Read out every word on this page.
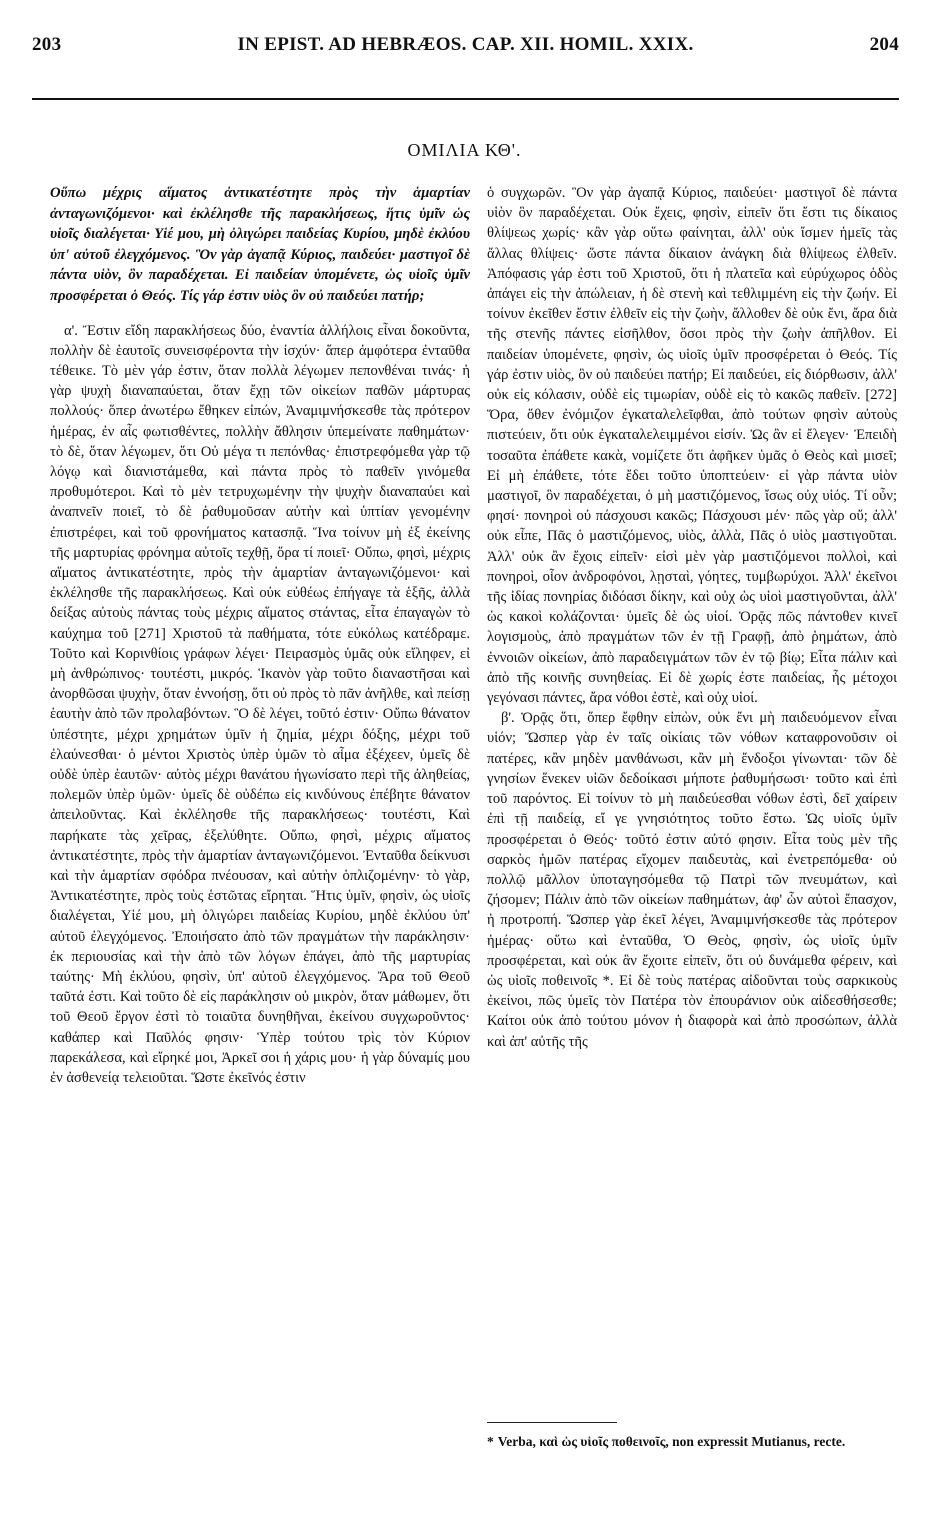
203	IN EPIST. AD HEBRÆOS. CAP. XII. HOMIL. XXIX.	204
ΟΜΙΛΙΑ ΚΘ'.

Οὔπω μέχρις αἵματος ἀντικατέστητε πρὸς τὴν ἁμαρτίαν ἀνταγωνιζόμενοι· καὶ ἐκλέλησθε τῆς παρακλήσεως, ἥτις ὑμῖν ὡς υἱοῖς διαλέγεται· Υἱέ μου, μὴ ὀλιγώρει παιδείας Κυρίου, μηδὲ ἐκλύου ὑπ' αὐτοῦ ἐλεγχόμενος. Ὃν γὰρ ἀγαπᾷ Κύριος, παιδεύει· μαστιγοῖ δὲ πάντα υἱὸν, ὃν παραδέχεται. Εἰ παιδείαν ὑπομένετε, ὡς υἱοῖς ὑμῖν προσφέρεται ὁ Θεός. Τίς γάρ ἐστιν υἱὸς ὃν οὐ παιδεύει πατήρ;

α'. Ἔστιν εἴδη παρακλήσεως δύο, ἐναντία ἀλλήλοις εἶναι δοκοῦντα, πολλὴν δὲ ἑαυτοῖς συνεισφέροντα τὴν ἰσχύν· ἅπερ ἀμφότερα ἐνταῦθα τέθεικε. Τὸ μὲν γάρ ἐστιν, ὅταν πολλὰ λέγωμεν πεπονθέναι τινάς· ἡ γὰρ ψυχὴ διαναπαύεται, ὅταν ἔχῃ τῶν οἰκείων παθῶν μάρτυρας πολλούς· ὅπερ ἀνωτέρω ἔθηκεν εἰπών, Ἀναμιμνήσκεσθε τὰς πρότερον ἡμέρας, ἐν αἷς φωτισθέντες, πολλὴν ἄθλησιν ὑπεμείνατε παθημάτων· τὸ δὲ, ὅταν λέγωμεν, ὅτι Οὐ μέγα τι πεπόνθας· ἐπιστρεφόμεθα γὰρ τῷ λόγῳ καὶ διανιστάμεθα, καὶ πάντα πρὸς τὸ παθεῖν γινόμεθα προθυμότεροι. Καὶ τὸ μὲν τετρυχωμένην τὴν ψυχὴν διαναπαύει καὶ ἀναπνεῖν ποιεῖ, τὸ δὲ ῥαθυμοῦσαν αὐτὴν καὶ ὑπτίαν γενομένην ἐπιστρέφει, καὶ τοῦ φρονήματος κατασπᾷ. Ἵνα τοίνυν μὴ ἐξ ἐκείνης τῆς μαρτυρίας φρόνημα αὐτοῖς τεχθῇ, ὅρα τί ποιεῖ· Οὔπω, φησὶ, μέχρις αἵματος ἀντικατέστητε, πρὸς τὴν ἁμαρτίαν ἀνταγωνιζόμενοι· καὶ ἐκλέλησθε τῆς παρακλήσεως. Καὶ οὐκ εὐθέως ἐπήγαγε τὰ ἑξῆς, ἀλλὰ δείξας αὐτοὺς πάντας τοὺς μέχρις αἵματος στάντας, εἶτα ἐπαγαγὼν τὸ καύχημα τοῦ [271] Χριστοῦ τὰ παθήματα, τότε εὐκόλως κατέδραμε. Τοῦτο καὶ Κορινθίοις γράφων λέγει· Πειρασμὸς ὑμᾶς οὐκ εἴληφεν, εἰ μὴ ἀνθρώπινος· τουτέστι, μικρός. Ἱκανὸν γὰρ τοῦτο διαναστῆσαι καὶ ἀνορθῶσαι ψυχὴν, ὅταν ἐννοήσῃ, ὅτι οὐ πρὸς τὸ πᾶν ἀνῆλθε, καὶ πείσῃ ἑαυτὴν ἀπὸ τῶν προλαβόντων. Ὃ δὲ λέγει, τοῦτό ἐστιν· Οὔπω θάνατον ὑπέστητε, μέχρι χρημάτων ὑμῖν ἡ ζημία, μέχρι δόξης, μέχρι τοῦ ἐλαύνεσθαι· ὁ μέντοι Χριστὸς ὑπὲρ ὑμῶν τὸ αἷμα ἐξέχεεν, ὑμεῖς δὲ οὐδὲ ὑπὲρ ἑαυτῶν· αὐτὸς μέχρι θανάτου ἠγωνίσατο περὶ τῆς ἀληθείας, πολεμῶν ὑπὲρ ὑμῶν· ὑμεῖς δὲ οὐδέπω εἰς κινδύνους ἐπέβητε θάνατον ἀπειλοῦντας. Καὶ ἐκλέλησθε τῆς παρακλήσεως· τουτέστι, Καὶ παρήκατε τὰς χεῖρας, ἐξελύθητε. Οὔπω, φησὶ, μέχρις αἵματος ἀντικατέστητε, πρὸς τὴν ἁμαρτίαν ἀνταγωνιζόμενοι. Ἐνταῦθα δείκνυσι καὶ τὴν ἁμαρτίαν σφόδρα πνέουσαν, καὶ αὐτὴν ὁπλιζομένην· τὸ γὰρ, Ἀντικατέστητε, πρὸς τοὺς ἑστῶτας εἴρηται. Ἥτις ὑμῖν, φησὶν, ὡς υἱοῖς διαλέγεται, Υἱέ μου, μὴ ὀλιγώρει παιδείας Κυρίου, μηδὲ ἐκλύου ὑπ' αὐτοῦ ἐλεγχόμενος. Ἐποιήσατο ἀπὸ τῶν πραγμάτων τὴν παράκλησιν· ἐκ περιουσίας καὶ τὴν ἀπὸ τῶν λόγων ἐπάγει, ἀπὸ τῆς μαρτυρίας ταύτης· Μὴ ἐκλύου, φησὶν, ὑπ' αὐτοῦ ἐλεγχόμενος. Ἄρα τοῦ Θεοῦ ταῦτά ἐστι. Καὶ τοῦτο δὲ εἰς παράκλησιν οὐ μικρὸν, ὅταν μάθωμεν, ὅτι τοῦ Θεοῦ ἔργον ἐστὶ τὸ τοιαῦτα δυνηθῆναι, ἐκείνου συγχωροῦντος· καθάπερ καὶ Παῦλός φησιν· Ὑπὲρ τούτου τρὶς τὸν Κύριον παρεκάλεσα, καὶ εἴρηκέ μοι, Ἀρκεῖ σοι ἡ χάρις μου· ἡ γὰρ δύναμίς μου ἐν ἀσθενείᾳ τελειοῦται. Ὥστε ἐκεῖνός ἐστιν

ὁ συγχωρῶν. Ὃν γὰρ ἀγαπᾷ Κύριος, παιδεύει· μαστιγοῖ δὲ πάντα υἱὸν ὃν παραδέχεται. Οὐκ ἔχεις, φησὶν, εἰπεῖν ὅτι ἔστι τις δίκαιος θλίψεως χωρίς· κἂν γὰρ οὕτω φαίνηται, ἀλλ' οὐκ ἴσμεν ἡμεῖς τὰς ἄλλας θλίψεις· ὥστε πάντα δίκαιον ἀνάγκη διὰ θλίψεως ἐλθεῖν. Ἀπόφασις γάρ ἐστι τοῦ Χριστοῦ, ὅτι ἡ πλατεῖα καὶ εὐρύχωρος ὁδὸς ἀπάγει εἰς τὴν ἀπώλειαν, ἡ δὲ στενὴ καὶ τεθλιμμένη εἰς τὴν ζωήν. Εἰ τοίνυν ἐκεῖθεν ἔστιν ἐλθεῖν εἰς τὴν ζωὴν, ἄλλοθεν δὲ οὐκ ἔνι, ἄρα διὰ τῆς στενῆς πάντες εἰσῆλθον, ὅσοι πρὸς τὴν ζωὴν ἀπῆλθον. Εἰ παιδείαν ὑπομένετε, φησὶν, ὡς υἱοῖς ὑμῖν προσφέρεται ὁ Θεός. Τίς γάρ ἐστιν υἱὸς, ὃν οὐ παιδεύει πατήρ; Εἰ παιδεύει, εἰς διόρθωσιν, ἀλλ' οὐκ εἰς κόλασιν, οὐδὲ εἰς τιμωρίαν, οὐδὲ εἰς τὸ κακῶς παθεῖν. [272] Ὅρα, ὅθεν ἐνόμιζον ἐγκαταλελεῖφθαι, ἀπὸ τούτων φησὶν αὐτοὺς πιστεύειν, ὅτι οὐκ ἐγκαταλελειμμένοι εἰσίν. Ὡς ἂν εἰ ἔλεγεν· Ἐπειδὴ τοσαῦτα ἐπάθετε κακὰ, νομίζετε ὅτι ἀφῆκεν ὑμᾶς ὁ Θεὸς καὶ μισεῖ; Εἰ μὴ ἐπάθετε, τότε ἔδει τοῦτο ὑποπτεύειν· εἰ γὰρ πάντα υἱὸν μαστιγοῖ, ὃν παραδέχεται, ὁ μὴ μαστιζόμενος, ἴσως οὐχ υἱός. Τί οὖν; φησί· πονηροὶ οὐ πάσχουσι κακῶς; Πάσχουσι μέν· πῶς γὰρ οὔ; ἀλλ' οὐκ εἶπε, Πᾶς ὁ μαστιζόμενος, υἱὸς, ἀλλὰ, Πᾶς ὁ υἱὸς μαστιγοῦται. Ἀλλ' οὐκ ἂν ἔχοις εἰπεῖν· εἰσὶ μὲν γὰρ μαστιζόμενοι πολλοὶ, καὶ πονηροὶ, οἷον ἀνδροφόνοι, λῃσταὶ, γόητες, τυμβωρύχοι. Ἀλλ' ἐκεῖνοι τῆς ἰδίας πονηρίας διδόασι δίκην, καὶ οὐχ ὡς υἱοὶ μαστιγοῦνται, ἀλλ' ὡς κακοὶ κολάζονται· ὑμεῖς δὲ ὡς υἱοί. Ὁρᾷς πῶς πάντοθεν κινεῖ λογισμοὺς, ἀπὸ πραγμάτων τῶν ἐν τῇ Γραφῇ, ἀπὸ ῥημάτων, ἀπὸ ἐννοιῶν οἰκείων, ἀπὸ παραδειγμάτων τῶν ἐν τῷ βίῳ; Εἶτα πάλιν καὶ ἀπὸ τῆς κοινῆς συνηθείας. Εἰ δὲ χωρίς ἐστε παιδείας, ἧς μέτοχοι γεγόνασι πάντες, ἄρα νόθοι ἐστὲ, καὶ οὐχ υἱοί.

β'. Ὁρᾷς ὅτι, ὅπερ ἔφθην εἰπὼν, οὐκ ἔνι μὴ παιδευόμενον εἶναι υἱόν; Ὥσπερ γὰρ ἐν ταῖς οἰκίαις τῶν νόθων καταφρονοῦσιν οἱ πατέρες, κἂν μηδὲν μανθάνωσι, κἂν μὴ ἔνδοξοι γίνωνται· τῶν δὲ γνησίων ἕνεκεν υἱῶν δεδοίκασι μήποτε ῥαθυμήσωσι· τοῦτο καὶ ἐπὶ τοῦ παρόντος. Εἰ τοίνυν τὸ μὴ παιδεύεσθαι νόθων ἐστὶ, δεῖ χαίρειν ἐπὶ τῇ παιδείᾳ, εἴ γε γνησιότητος τοῦτο ἔστω. Ὡς υἱοῖς ὑμῖν προσφέρεται ὁ Θεός· τοῦτό ἐστιν αὐτό φησιν. Εἶτα τοὺς μὲν τῆς σαρκὸς ἡμῶν πατέρας εἴχομεν παιδευτὰς, καὶ ἐνετρεπόμεθα· οὐ πολλῷ μᾶλλον ὑποταγησόμεθα τῷ Πατρὶ τῶν πνευμάτων, καὶ ζήσομεν; Πάλιν ἀπὸ τῶν οἰκείων παθημάτων, ἀφ' ὧν αὐτοὶ ἔπασχον, ἡ προτροπή. Ὥσπερ γὰρ ἐκεῖ λέγει, Ἀναμιμνήσκεσθε τὰς πρότερον ἡμέρας· οὕτω καὶ ἐνταῦθα, Ὁ Θεὸς, φησὶν, ὡς υἱοῖς ὑμῖν προσφέρεται, καὶ οὐκ ἂν ἔχοιτε εἰπεῖν, ὅτι οὐ δυνάμεθα φέρειν, καὶ ὡς υἱοῖς ποθεινοῖς *. Εἰ δὲ τοὺς πατέρας αἰδοῦνται τοὺς σαρκικοὺς ἐκείνοι, πῶς ὑμεῖς τὸν Πατέρα τὸν ἐπουράνιον οὐκ αἰδεσθήσεσθε; Καίτοι οὐκ ἀπὸ τούτου μόνον ἡ διαφορὰ καὶ ἀπὸ προσώπων, ἀλλὰ καὶ ἀπ' αὐτῆς τῆς

* Verba, καὶ ὡς υἱοῖς ποθεινοῖς, non expressit Mutianus, recte.
